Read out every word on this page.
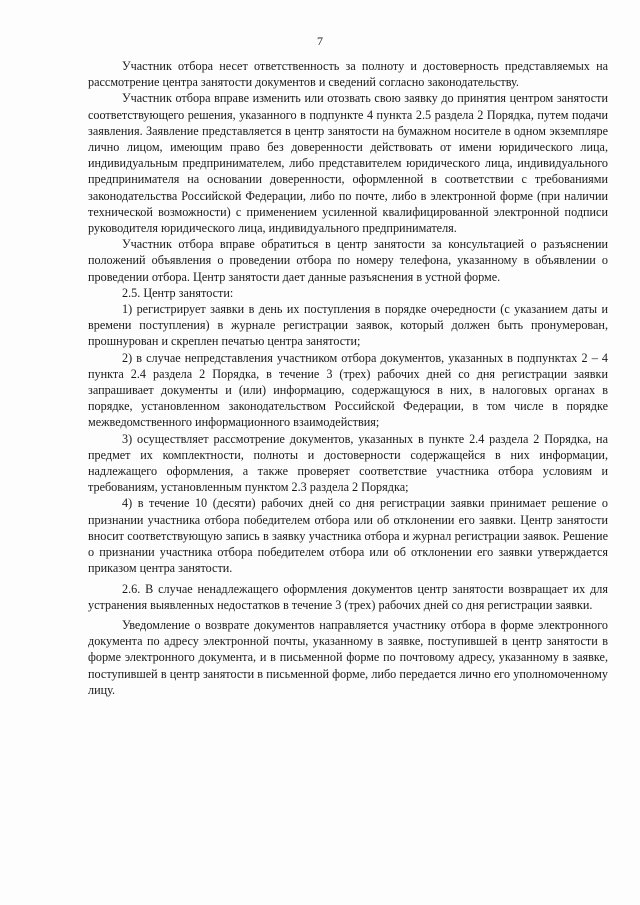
7

Участник отбора несет ответственность за полноту и достоверность представляемых на рассмотрение центра занятости документов и сведений согласно законодательству.

Участник отбора вправе изменить или отозвать свою заявку до принятия центром занятости соответствующего решения, указанного в подпункте 4 пункта 2.5 раздела 2 Порядка, путем подачи заявления. Заявление представляется в центр занятости на бумажном носителе в одном экземпляре лично лицом, имеющим право без доверенности действовать от имени юридического лица, индивидуальным предпринимателем, либо представителем юридического лица, индивидуального предпринимателя на основании доверенности, оформленной в соответствии с требованиями законодательства Российской Федерации, либо по почте, либо в электронной форме (при наличии технической возможности) с применением усиленной квалифицированной электронной подписи руководителя юридического лица, индивидуального предпринимателя.

Участник отбора вправе обратиться в центр занятости за консультацией о разъяснении положений объявления о проведении отбора по номеру телефона, указанному в объявлении о проведении отбора. Центр занятости дает данные разъяснения в устной форме.

2.5. Центр занятости:

1) регистрирует заявки в день их поступления в порядке очередности (с указанием даты и времени поступления) в журнале регистрации заявок, который должен быть пронумерован, прошнурован и скреплен печатью центра занятости;

2) в случае непредставления участником отбора документов, указанных в подпунктах 2 – 4 пункта 2.4 раздела 2 Порядка, в течение 3 (трех) рабочих дней со дня регистрации заявки запрашивает документы и (или) информацию, содержащуюся в них, в налоговых органах в порядке, установленном законодательством Российской Федерации, в том числе в порядке межведомственного информационного взаимодействия;

3) осуществляет рассмотрение документов, указанных в пункте 2.4 раздела 2 Порядка, на предмет их комплектности, полноты и достоверности содержащейся в них информации, надлежащего оформления, а также проверяет соответствие участника отбора условиям и требованиям, установленным пунктом 2.3 раздела 2 Порядка;

4) в течение 10 (десяти) рабочих дней со дня регистрации заявки принимает решение о признании участника отбора победителем отбора или об отклонении его заявки. Центр занятости вносит соответствующую запись в заявку участника отбора и журнал регистрации заявок. Решение о признании участника отбора победителем отбора или об отклонении его заявки утверждается приказом центра занятости.

2.6. В случае ненадлежащего оформления документов центр занятости возвращает их для устранения выявленных недостатков в течение 3 (трех) рабочих дней со дня регистрации заявки.

Уведомление о возврате документов направляется участнику отбора в форме электронного документа по адресу электронной почты, указанному в заявке, поступившей в центр занятости в форме электронного документа, и в письменной форме по почтовому адресу, указанному в заявке, поступившей в центр занятости в письменной форме, либо передается лично его уполномоченному лицу.
